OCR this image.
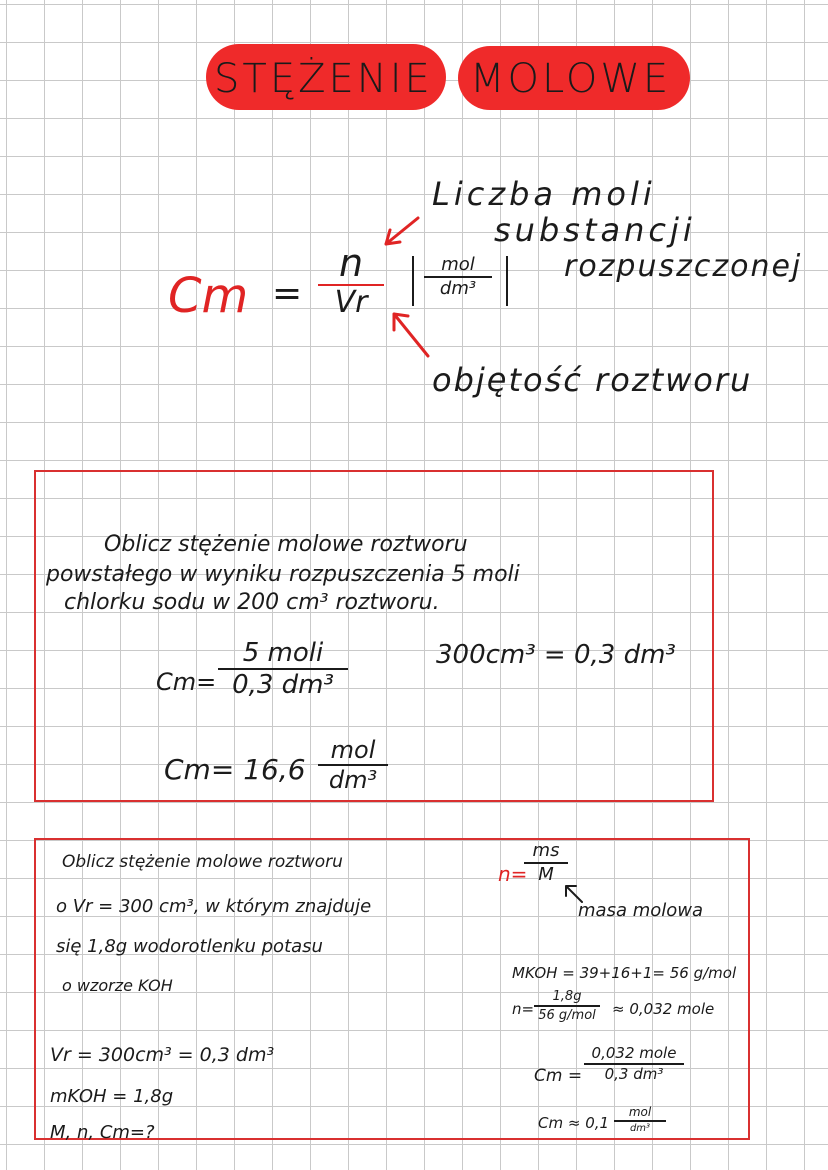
STĘŻENIE MOLOWE
Cm =
n
Vr
mol
dm³
Liczba moli
substancji
rozpuszczonej
objętość roztworu
Oblicz stężenie molowe roztworu
powstałego w wyniku rozpuszczenia 5 moli
chlorku sodu w 200 cm³ roztworu.
Cm=
5 moli
0,3 dm³
300cm³ = 0,3 dm³
Cm= 16,6
mol
dm³
Oblicz stężenie molowe roztworu
o Vr = 300 cm³, w którym znajduje
się 1,8g wodorotlenku potasu
o wzorze KOH
Vr = 300cm³ = 0,3 dm³
mKOH = 1,8g
M, n, Cm=?
n=
ms
M
masa molowa
MKOH = 39+16+1= 56 g/mol
n=
1,8g
56 g/mol ≈ 0,032 mole
Cm =
0,032 mole
0,3 dm³
Cm ≈ 0,1
mol
dm³
